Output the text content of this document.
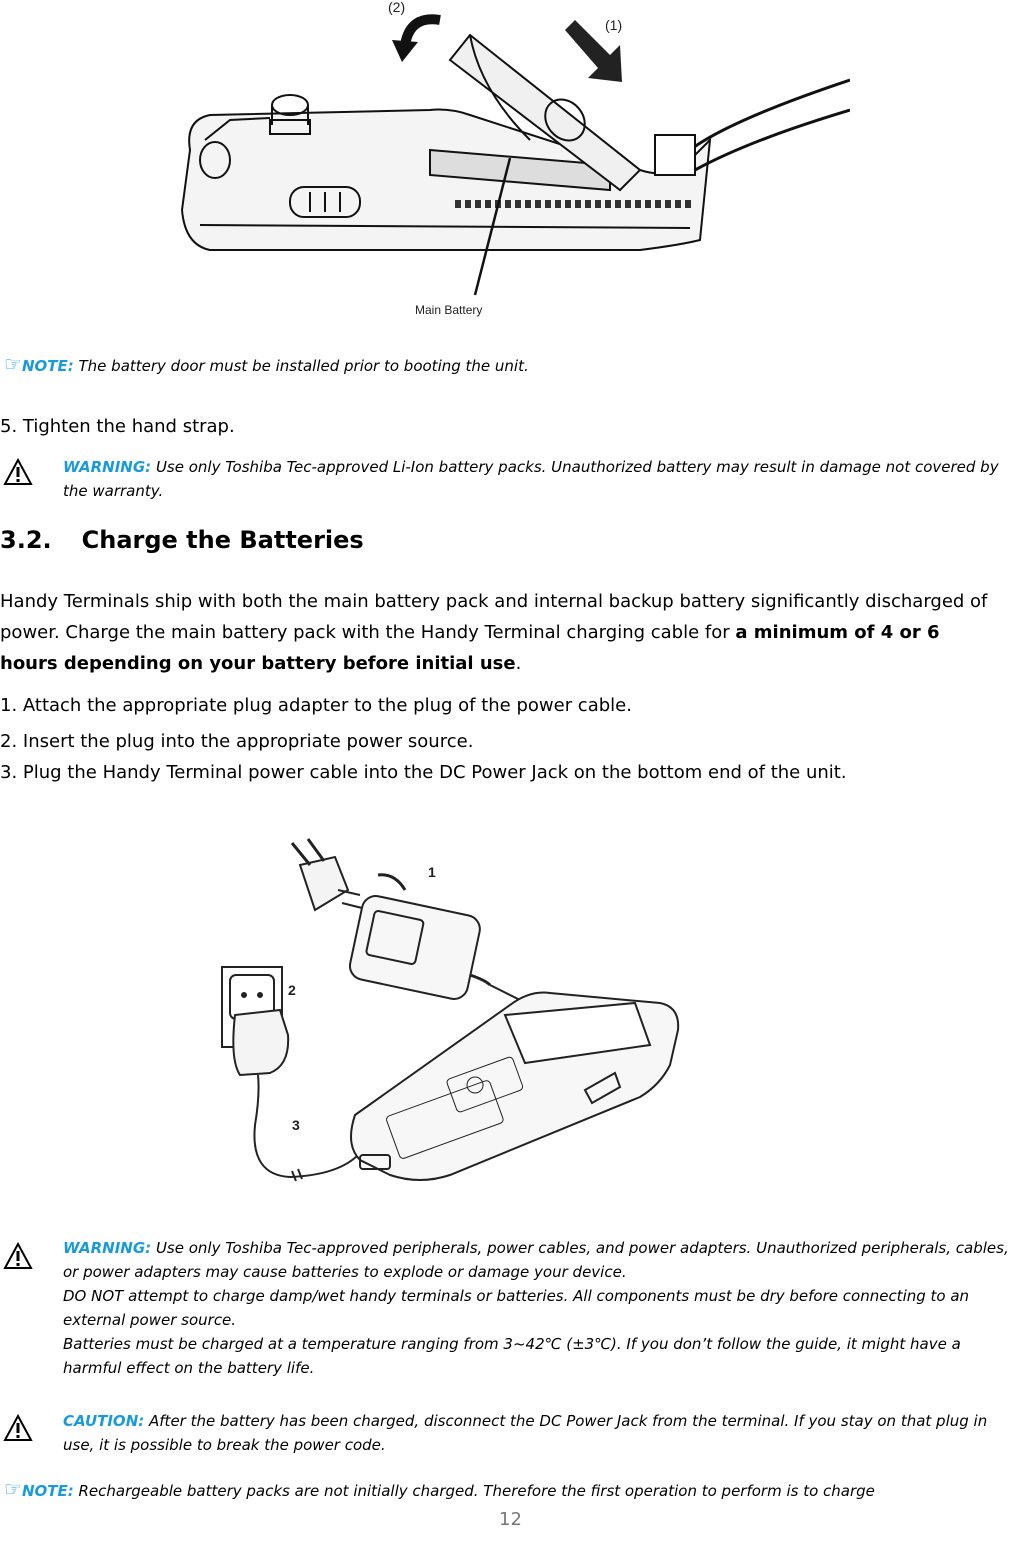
(2)
(1)
Main Battery
☞NOTE: The battery door must be installed prior to booting the unit.
5. Tighten the hand strap.
WARNING: Use only Toshiba Tec-approved Li-Ion battery packs. Unauthorized battery may result in damage not covered by the warranty.
3.2. Charge the Batteries
Handy Terminals ship with both the main battery pack and internal backup battery significantly discharged of power. Charge the main battery pack with the Handy Terminal charging cable for a minimum of 4 or 6 hours depending on your battery before initial use.
1. Attach the appropriate plug adapter to the plug of the power cable.
2. Insert the plug into the appropriate power source.
3. Plug the Handy Terminal power cable into the DC Power Jack on the bottom end of the unit.
1
2
3
WARNING: Use only Toshiba Tec-approved peripherals, power cables, and power adapters. Unauthorized peripherals, cables, or power adapters may cause batteries to explode or damage your device.
DO NOT attempt to charge damp/wet handy terminals or batteries. All components must be dry before connecting to an external power source.
Batteries must be charged at a temperature ranging from 3~42℃ (±3℃). If you don’t follow the guide, it might have a harmful effect on the battery life.
CAUTION: After the battery has been charged, disconnect the DC Power Jack from the terminal. If you stay on that plug in use, it is possible to break the power code.
☞NOTE: Rechargeable battery packs are not initially charged. Therefore the first operation to perform is to charge
12
